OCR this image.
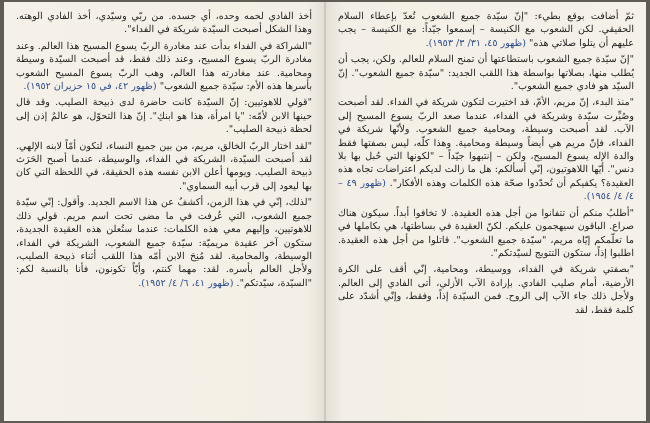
ثمّ أضافت بوقع بطيء: "إنّ سيّدة جميع الشعوب تُعدّ بإعطاء السلام الحقيقي. لكن الشعوب مع الكنيسة – إسمعوا جيّداً: مع الكنيسة – يجب عليهم أن يتلوا صلاتي هذه" (ظهور ٤٥، ٣١/ ٣/ ١٩٥٣).

"إنّ سيّدة جميع الشعوب باستطاعتها أن تمنح السلام للعالم. ولكن، يجب أن يُطلب منها، بصلاتها بواسطة هذا اللقب الجديد: "سيّدة جميع الشعوب". إنّ السيّد هو فادي جميع الشعوب".

"منذ البدء، إنّ مريم، الأمّ، قد اختيرت لتكون شريكة في الفداء. لقد أصبحت وصُيِّرت سيّدة وشريكة في الفداء، عندما صعد الربّ يسوع المسيح إلى الآب. لقد أصبحت وسيطة، ومحامية جميع الشعوب. ولأنّها شريكة في الفداء، فإنّ مريم هي أيضاً وسيطة ومحامية. وهذا كلّه، ليس بصفتها فقط والدة الإله يسوع المسيح، ولكن – إنتبهوا جيّداً – "لكونها التي حُبل بها بلا دنس". أيّها اللاهوتيون، إنّي أسألكم: هل ما زالت لديكم اعتراضات تجاه هذه العقيدة؟ يكفيكم أن تُحدّدوا صحّة هذه الكلمات وهذه الأفكار". (ظهور ٤٩ – ٤/ ٤/ ١٩٥٤).

"أطلبُ منكم أن تتفانوا من أجل هذه العقيدة. لا تخافوا أبداً. سيكون هناك صراع. الباقون سيهجمون عليكم. لكنّ العقيدة في بساطتها، هي بكاملها في ما تعلّمكم إيّاه مريم، "سيّدة جميع الشعوب". قاتلوا من أجل هذه العقيدة. اطلبوا إذاً، ستكون التتويج لسيّدتكم".

"بصفتي شريكة في الفداء، ووسيطة، ومحامية، إنّي أقف على الكرة الأرضية، أمام صليب الفادي. بإرادة الآب الأزلي، أتى الفادي إلى العالم. ولأجل ذلك جاء الآب إلى الروح. فمن السيّدة إذاً، وفقط، وإنّي أشدّد على كلمة فقط، لقد

أخذ الفادي لحمه وحده، أي جسده. من ربّي وسيّدي، أخذ الفادي الوهته. وهذا الشكل أصبحت السيّدة شريكة في الفداء".

"الشراكة في الفداء بدأت عند مغادرة الربّ يسوع المسيح هذا العالم. وعند مغادرة الربّ يسوع المسيح، وعند ذلك فقط، قد أصبحت السيّدة وسيطة ومحامية. عند مغادرته هذا العالم، وهب الربّ يسوع المسيح الشعوب بأسرها هذه الأم: سيّدة جميع الشعوب" (ظهور ٤٢، في ١٥ حزيران ١٩٥٢).

"قولي للاهوتيين: إنّ السيّدة كانت حاضرة لدى ذبيحة الصليب. وقد قال حينها الابن لأمّه: "يا امرأة، هذا هو ابنكِ". إنّ هذا التحوّل، هو عالمٌ إذن إلى لحظة ذبيحة الصليب".

"لقد اختار الربّ الخالق، مريم، من بين جميع النساء، لتكون أمّاً لابنه الإلهي. لقد أصبحت السيّدة، الشريكة في الفداء، والوسيطة، عندما أصبح الحَرَث ذبيحة الصليب. ويومها أعلن الابن نفسه هذه الحقيقة، في اللحظة التي كان بها ليعود إلى قرب أبيه السماوي".

"لذلك، إنّي في هذا الزمن، أكشفُ عن هذا الاسم الجديد. وأقول: إنّي سيّدة جميع الشعوب، التي عُرفت في ما مضى تحت اسم مريم. قولي ذلك للاهوتيين، وإليهم معي هذه الكلمات: عندما ستُعلن هذه العقيدة الجديدة، ستكون آخر عقيدة مريميّة: سيّدة جميع الشعوب، الشريكة في الفداء، الوسيطة، والمحامية. لقد مُنِحَ الابن أمّه هذا اللقب أثناء ذبيحة الصليب، ولأجل العالم بأسره. لقد: مهما كنتم، وأيّاً تكونون، فأنا بالنسبة لكم: "السيّدة، سيّدتكم". (ظهور ٤١، ٦/ ٤/ ١٩٥٢).
